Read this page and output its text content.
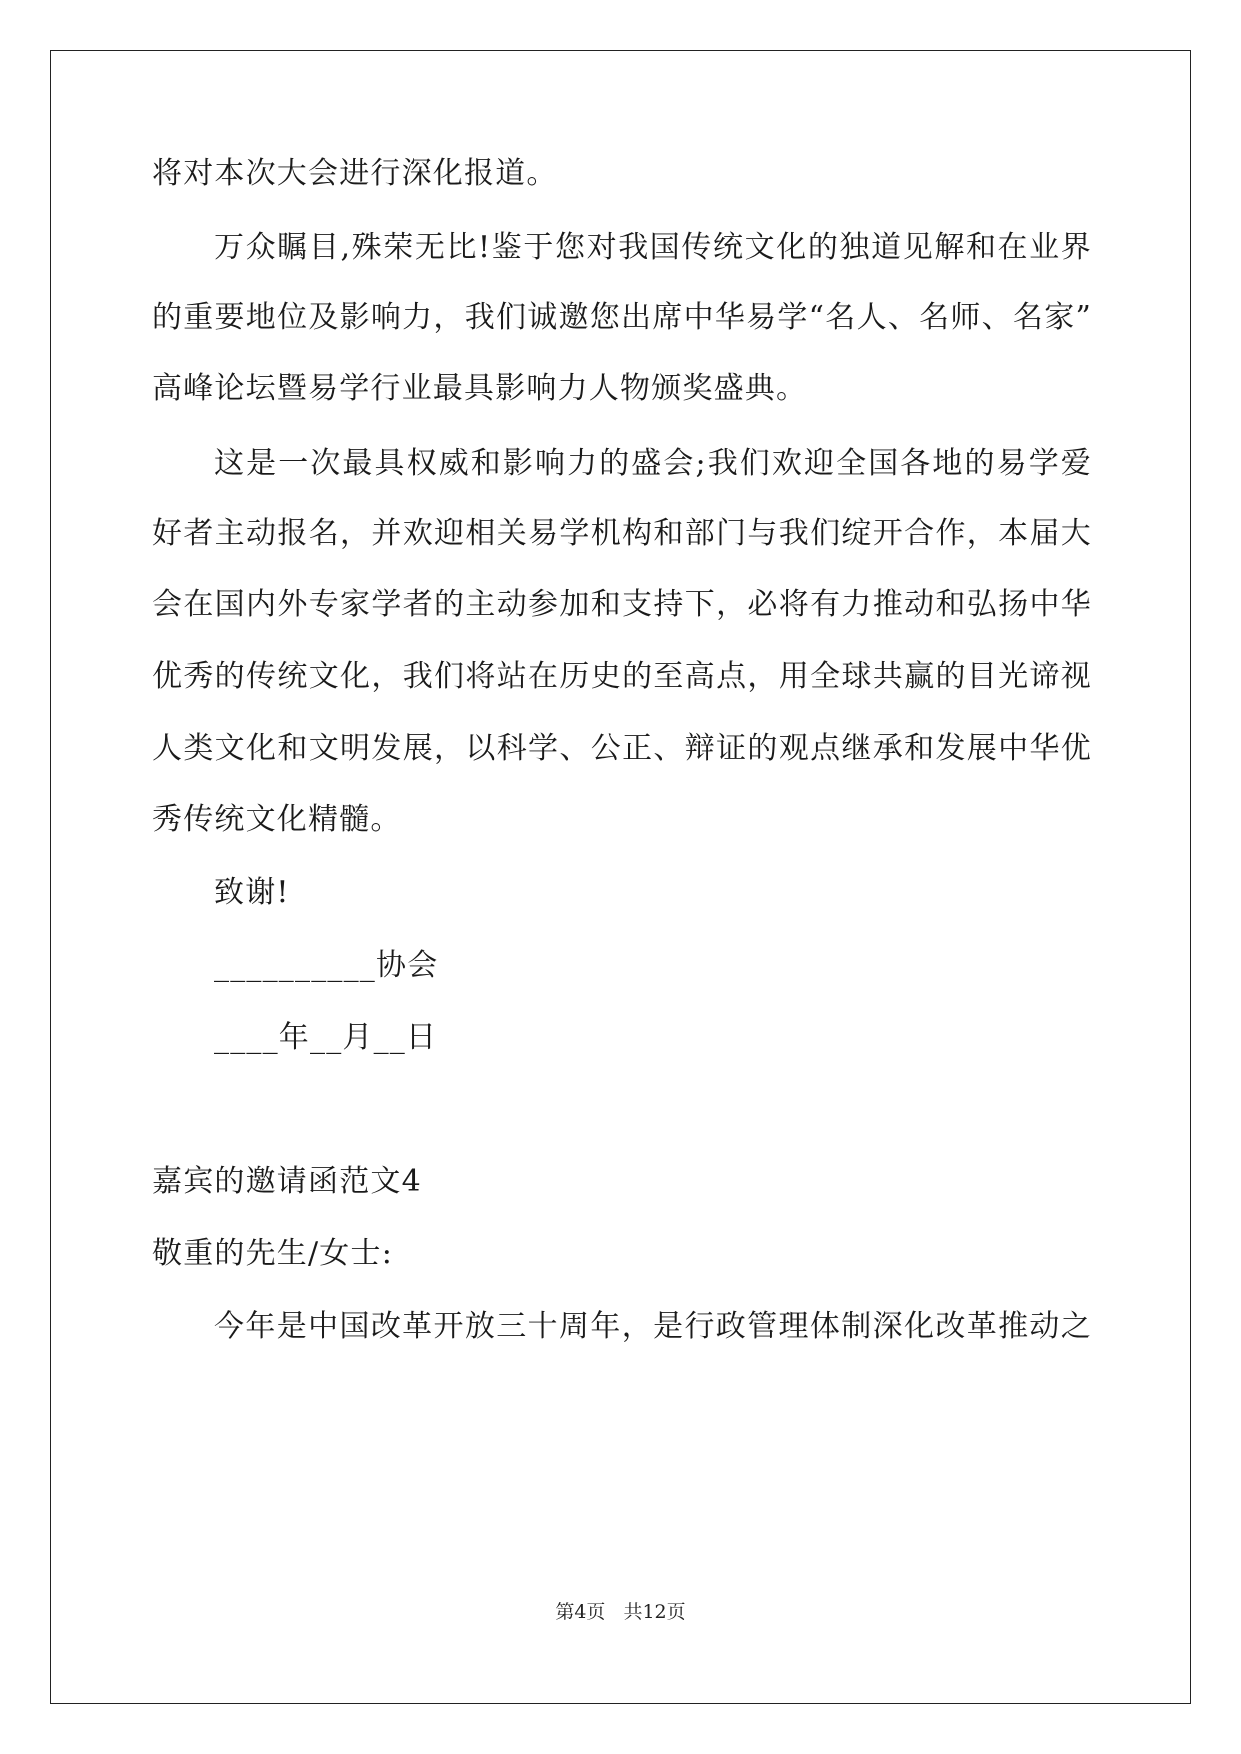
将对本次大会进行深化报道。
万众瞩目,殊荣无比!鉴于您对我国传统文化的独道见解和在业界
的重要地位及影响力，我们诚邀您出席中华易学“名人、名师、名家”
高峰论坛暨易学行业最具影响力人物颁奖盛典。
这是一次最具权威和影响力的盛会;我们欢迎全国各地的易学爱
好者主动报名，并欢迎相关易学机构和部门与我们绽开合作，本届大
会在国内外专家学者的主动参加和支持下，必将有力推动和弘扬中华
优秀的传统文化，我们将站在历史的至高点，用全球共赢的目光谛视
人类文化和文明发展，以科学、公正、辩证的观点继承和发展中华优
秀传统文化精髓。
致谢!
__________协会
____年__月__日
嘉宾的邀请函范文4
敬重的先生/女士:
今年是中国改革开放三十周年，是行政管理体制深化改革推动之
第4页 共12页
